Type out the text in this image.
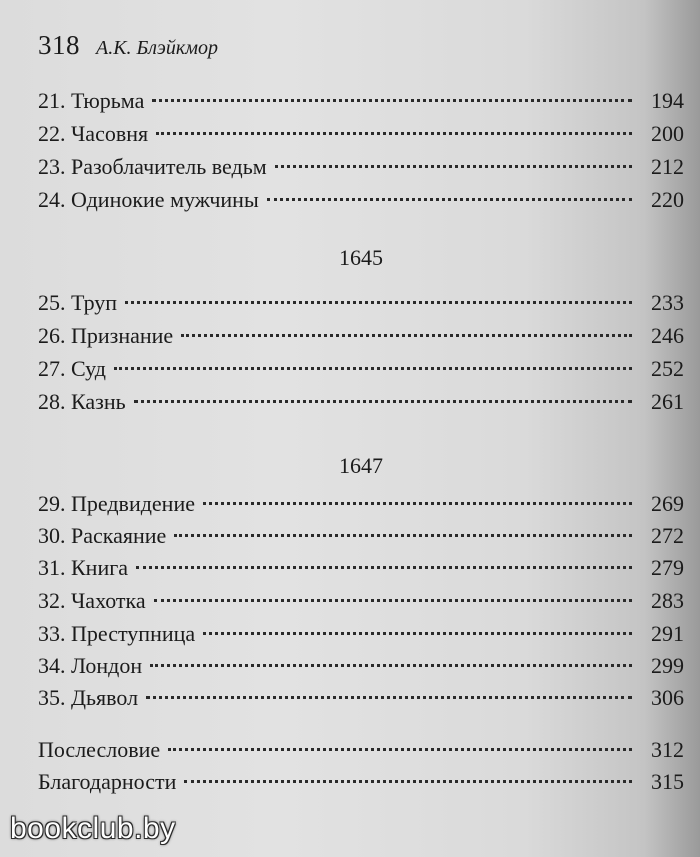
318 А.К. Блэйкмор
21. Тюрьма	194
22. Часовня	200
23. Разоблачитель ведьм	212
24. Одинокие мужчины	220
1645
25. Труп	233
26. Признание	246
27. Суд	252
28. Казнь	261
1647
29. Предвидение	269
30. Раскаяние	272
31. Книга	279
32. Чахотка	283
33. Преступница	291
34. Лондон	299
35. Дьявол	306
Послесловие	312
Благодарности	315
bookclub.by
